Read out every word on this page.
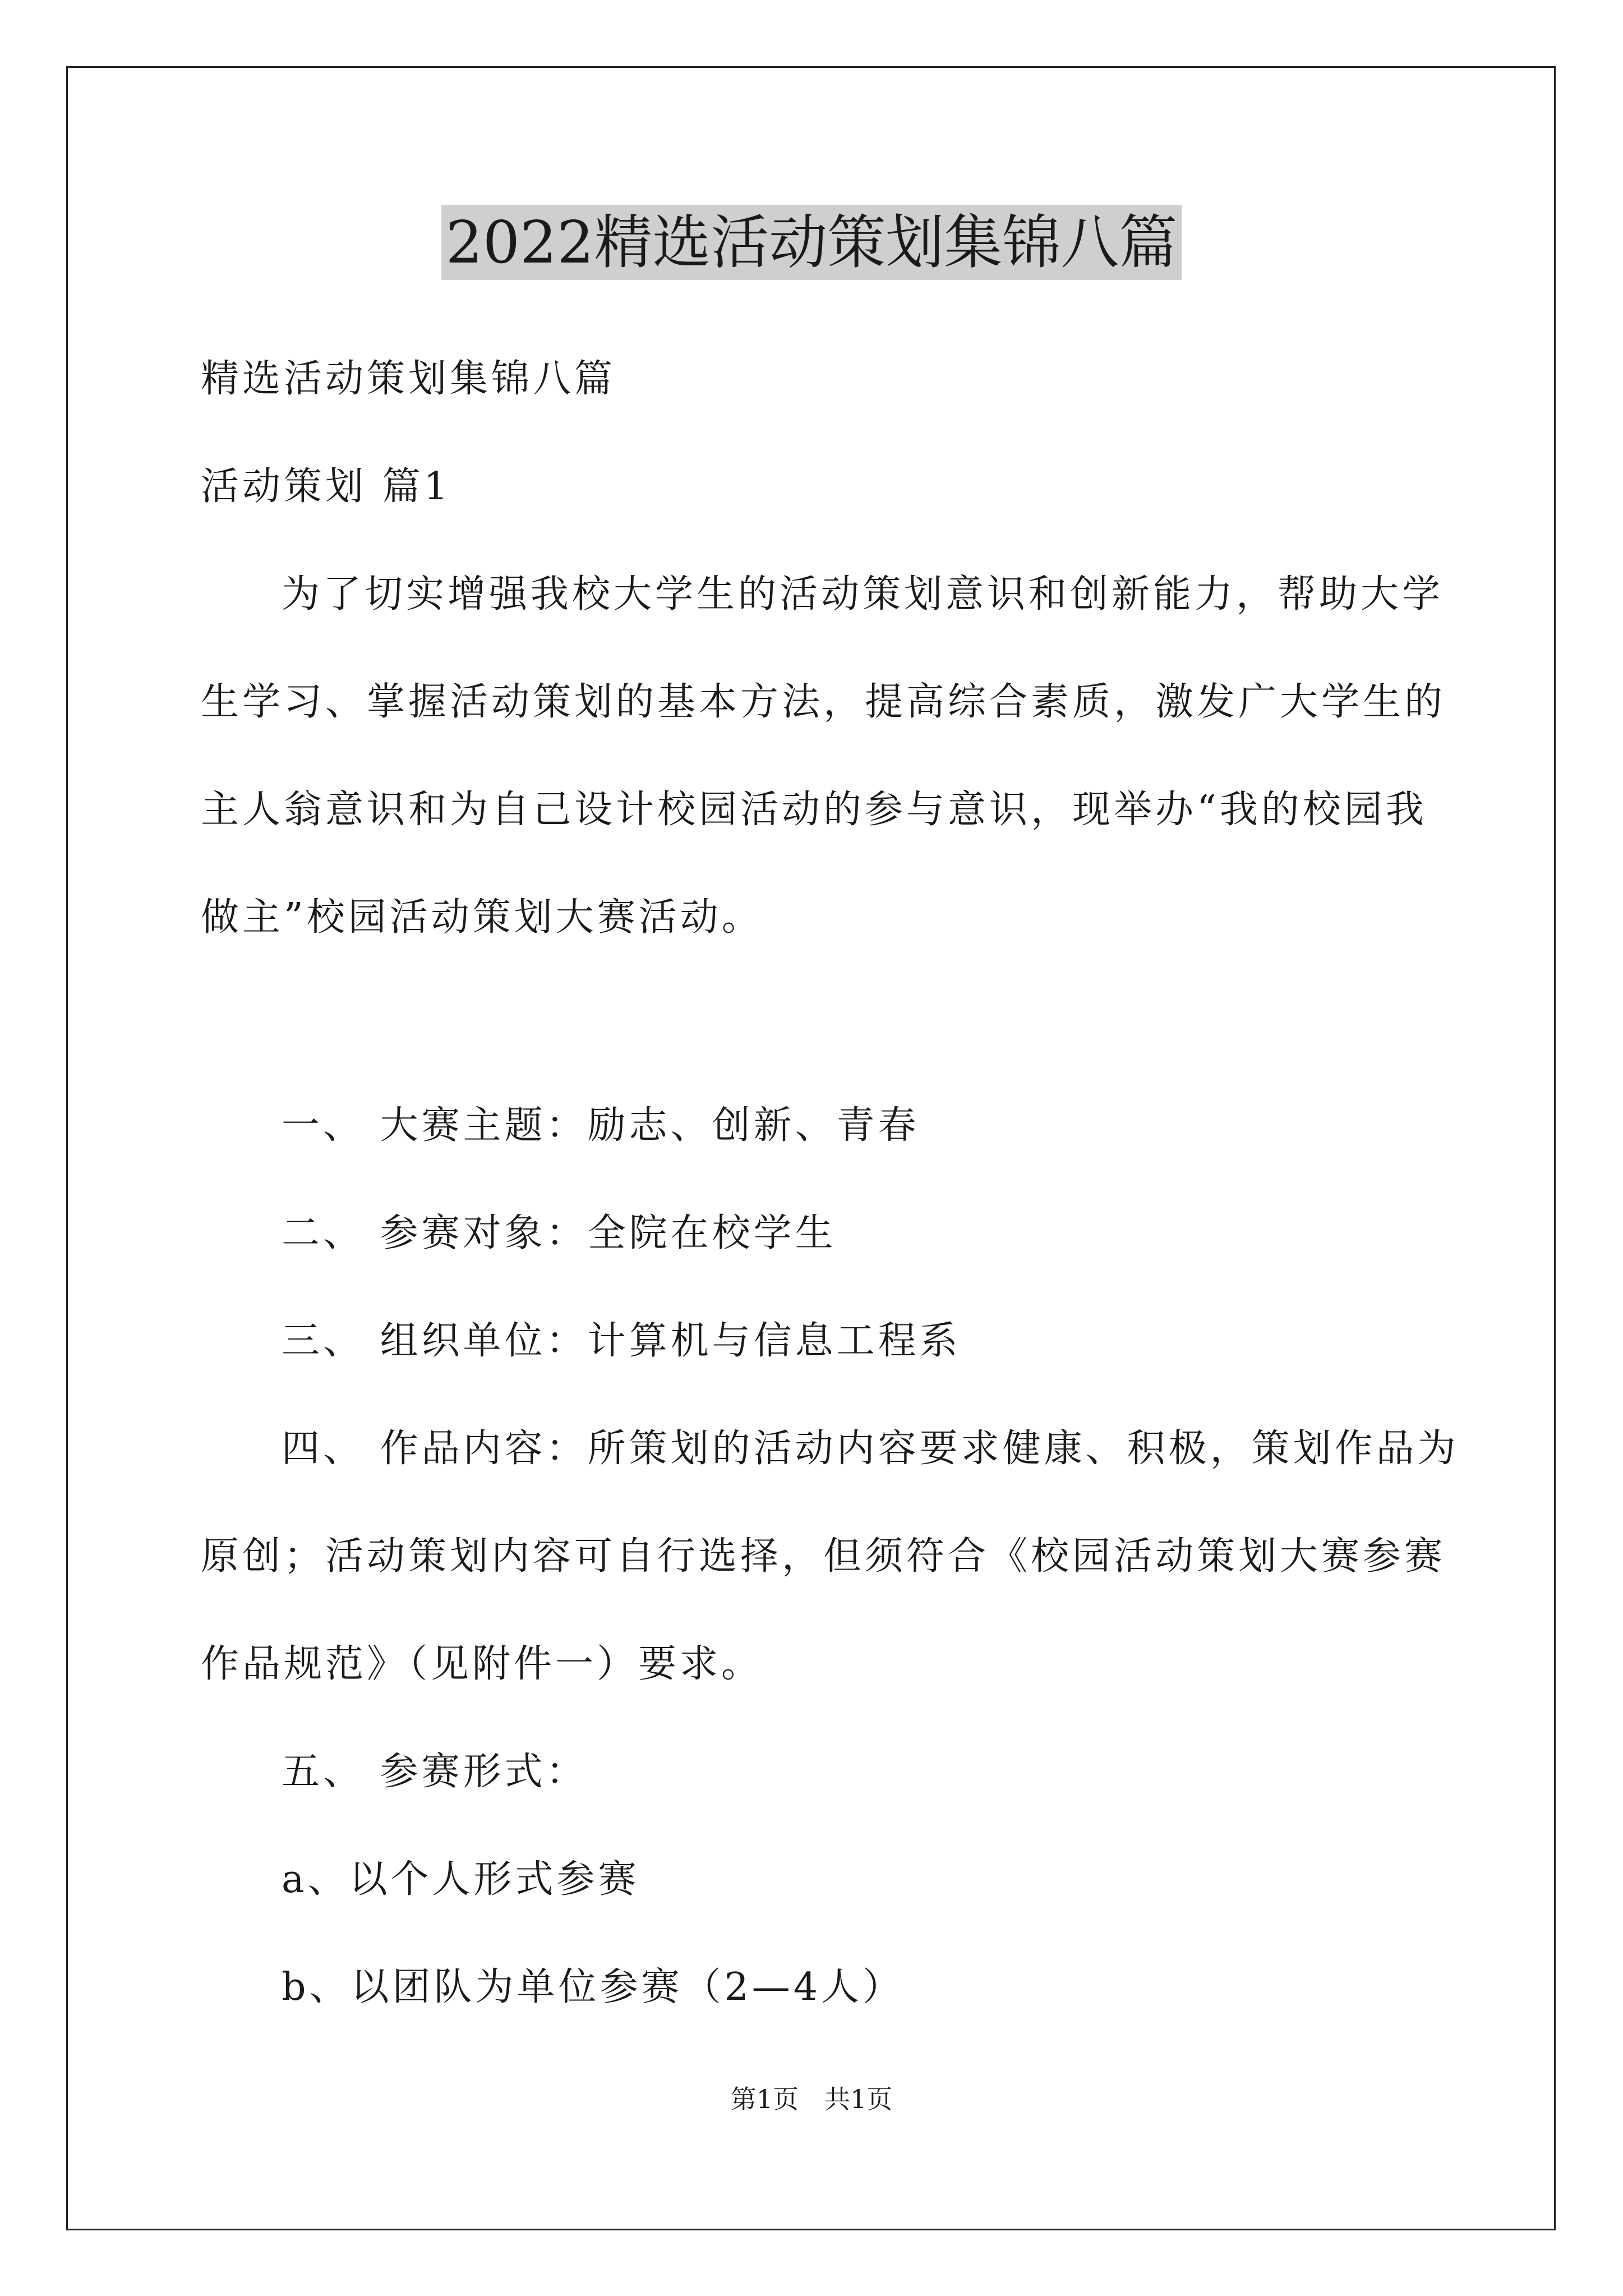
2022精选活动策划集锦八篇
精选活动策划集锦八篇
活动策划 篇1
为了切实增强我校大学生的活动策划意识和创新能力，帮助大学
生学习、掌握活动策划的基本方法，提高综合素质，激发广大学生的
主人翁意识和为自己设计校园活动的参与意识，现举办“我的校园我
做主”校园活动策划大赛活动。
一、 大赛主题：励志、创新、青春
二、 参赛对象：全院在校学生
三、 组织单位：计算机与信息工程系
四、 作品内容：所策划的活动内容要求健康、积极，策划作品为
原创；活动策划内容可自行选择，但须符合《校园活动策划大赛参赛
作品规范》（见附件一）要求。
五、 参赛形式：
a、以个人形式参赛
b、以团队为单位参赛（2—4人）
第1页　共1页
